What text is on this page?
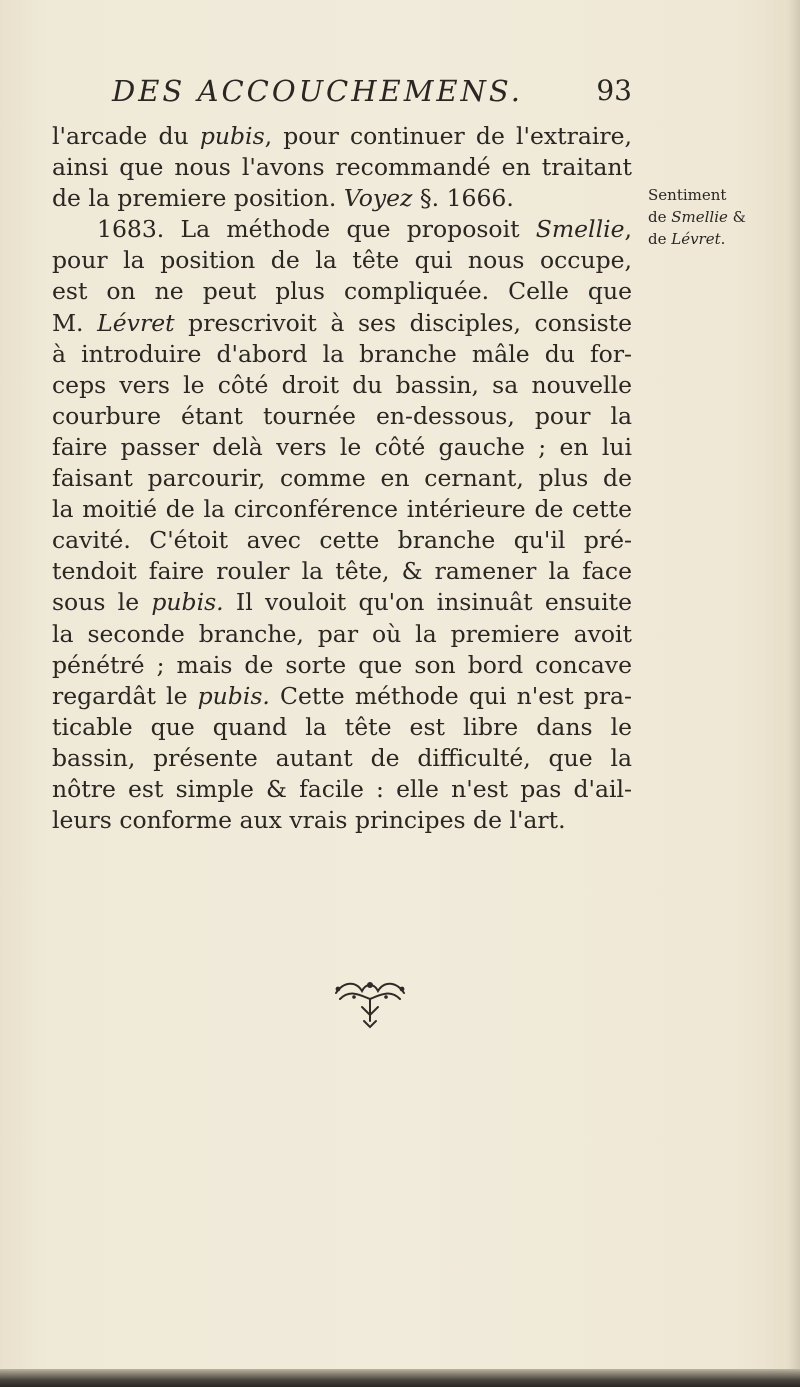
DES ACCOUCHEMENS.	93
l'arcade du pubis, pour continuer de l'extraire,
ainsi que nous l'avons recommandé en traitant
de la premiere position. Voyez §. 1666.
1683. La méthode que proposoit Smellie,
pour la position de la tête qui nous occupe,
est on ne peut plus compliquée. Celle que
M. Lévret prescrivoit à ses disciples, consiste
à introduire d'abord la branche mâle du for-
ceps vers le côté droit du bassin, sa nouvelle
courbure étant tournée en-dessous, pour la
faire passer delà vers le côté gauche ; en lui
faisant parcourir, comme en cernant, plus de
la moitié de la circonférence intérieure de cette
cavité. C'étoit avec cette branche qu'il pré-
tendoit faire rouler la tête, & ramener la face
sous le pubis. Il vouloit qu'on insinuât ensuite
la seconde branche, par où la premiere avoit
pénétré ; mais de sorte que son bord concave
regardât le pubis. Cette méthode qui n'est pra-
ticable que quand la tête est libre dans le
bassin, présente autant de difficulté, que la
nôtre est simple & facile : elle n'est pas d'ail-
leurs conforme aux vrais principes de l'art.
Sentiment
de Smellie &
de Lévret.
